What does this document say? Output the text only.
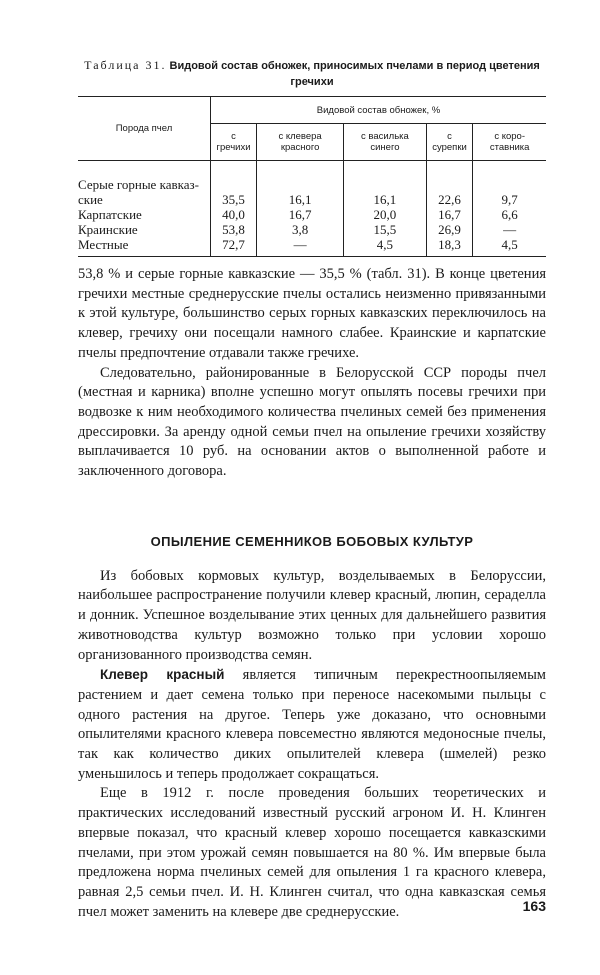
Таблица 31. Видовой состав обножек, приносимых пчелами в период цветения гречихи
Порода пчел	Видовой состав обножек, %				
	с гречихи	с клевера красного	с василька синего	с сурепки	с коро-ставника
Серые горные кавказ-					
ские	35,5	16,1	16,1	22,6	9,7
Карпатские	40,0	16,7	20,0	16,7	6,6
Краинские	53,8	3,8	15,5	26,9	—
Местные	72,7	—	4,5	18,3	4,5

53,8 % и серые горные кавказские — 35,5 % (табл. 31). В конце цветения гречихи местные среднерусские пчелы остались неизменно привязанными к этой культуре, большинство серых горных кавказских переключилось на клевер, гречиху они посещали намного слабее. Краинские и карпатские пчелы предпочтение отдавали также гречихе.

Следовательно, районированные в Белорусской ССР породы пчел (местная и карника) вполне успешно могут опылять посевы гречихи при водвозке к ним необходимого количества пчелиных семей без применения дрессировки. За аренду одной семьи пчел на опыление гречихи хозяйству выплачивается 10 руб. на основании актов о выполненной работе и заключенного договора.

ОПЫЛЕНИЕ СЕМЕННИКОВ БОБОВЫХ КУЛЬТУР

Из бобовых кормовых культур, возделываемых в Белоруссии, наибольшее распространение получили клевер красный, люпин, сераделла и донник. Успешное возделывание этих ценных для дальнейшего развития животноводства культур возможно только при условии хорошо организованного производства семян.

Клевер красный является типичным перекрестноопыляемым растением и дает семена только при переносе насекомыми пыльцы с одного растения на другое. Теперь уже доказано, что основными опылителями красного клевера повсеместно являются медоносные пчелы, так как количество диких опылителей клевера (шмелей) резко уменьшилось и теперь продолжает сокращаться.

Еще в 1912 г. после проведения больших теоретических и практических исследований известный русский агроном И. Н. Клинген впервые показал, что красный клевер хорошо посещается кавказскими пчелами, при этом урожай семян повышается на 80 %. Им впервые была предложена норма пчелиных семей для опыления 1 га красного клевера, равная 2,5 семьи пчел. И. Н. Клинген считал, что одна кавказская семья пчел может заменить на клевере две среднерусские.	163
